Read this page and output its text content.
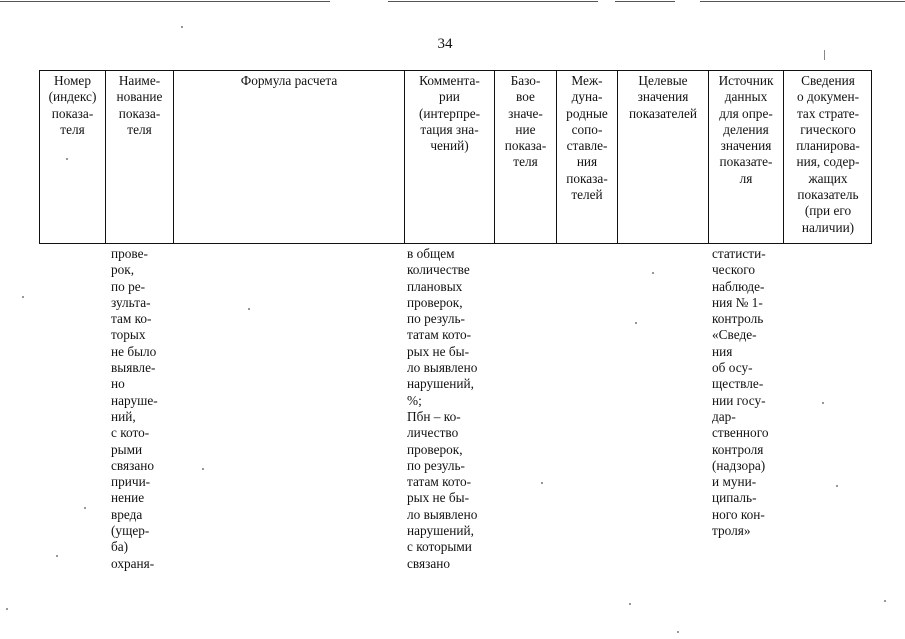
34
Номер
(индекс)
показа-
теля
Наиме-
нование
показа-
теля
Формула расчета	Коммента-
рии
(интерпре-
тация зна-
чений)
Базо-
вое
значе-
ние
показа-
теля
Меж-
дуна-
родные
сопо-
ставле-
ния
показа-
телей
Целевые
значения
показателей
Источник
данных
для опре-
деления
значения
показате-
ля
Сведения
о докумен-
тах страте-
гического
планирова-
ния, содер-
жащих
показатель
(при его
наличии)
прове-
рок,
по ре-
зульта-
там ко-
торых
не было
выявле-
но
наруше-
ний,
с кото-
рыми
связано
причи-
нение
вреда
(ущер-
ба)
охраня-
в общем
количестве
плановых
проверок,
по резуль-
татам кото-
рых не бы-
ло выявлено
нарушений,
%;
Пбн – ко-
личество
проверок,
по резуль-
татам кото-
рых не бы-
ло выявлено
нарушений,
с которыми
связано
статисти-
ческого
наблюде-
ния № 1-
контроль
«Сведе-
ния
об осу-
ществле-
нии госу-
дар-
ственного
контроля
(надзора)
и муни-
ципаль-
ного кон-
троля»
